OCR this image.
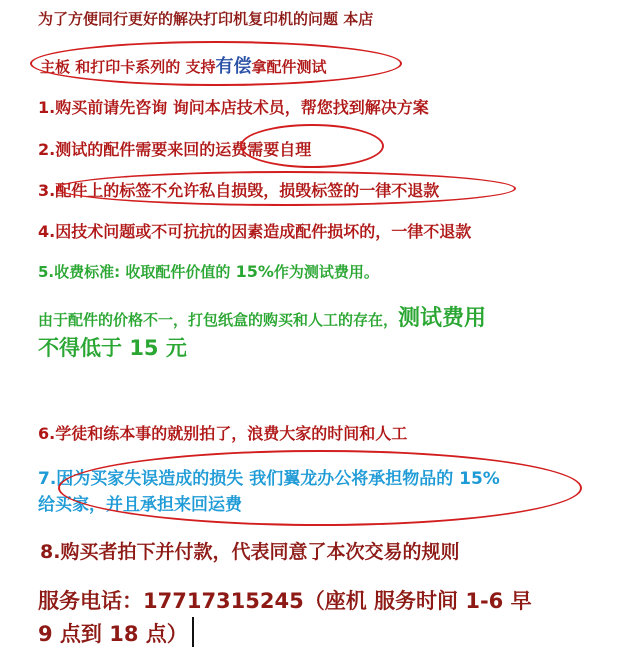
为了方便同行更好的解决打印机复印机的问题 本店

主板 和打印卡系列的 支持有偿拿配件测试

1.购买前请先咨询 询问本店技术员，帮您找到解决方案

2.测试的配件需要来回的运费需要自理

3.配件上的标签不允许私自损毁，损毁标签的一律不退款

4.因技术问题或不可抗抗的因素造成配件损坏的，一律不退款

5.收费标准: 收取配件价值的 15%作为测试费用。

由于配件的价格不一，打包纸盒的购买和人工的存在，测试费用

不得低于 15 元

6.学徒和练本事的就别拍了，浪费大家的时间和人工

7.因为买家失误造成的损失 我们翼龙办公将承担物品的 15%

给买家，并且承担来回运费

8.购买者拍下并付款，代表同意了本次交易的规则

服务电话：17717315245（座机 服务时间 1-6 早

9 点到 18 点）
